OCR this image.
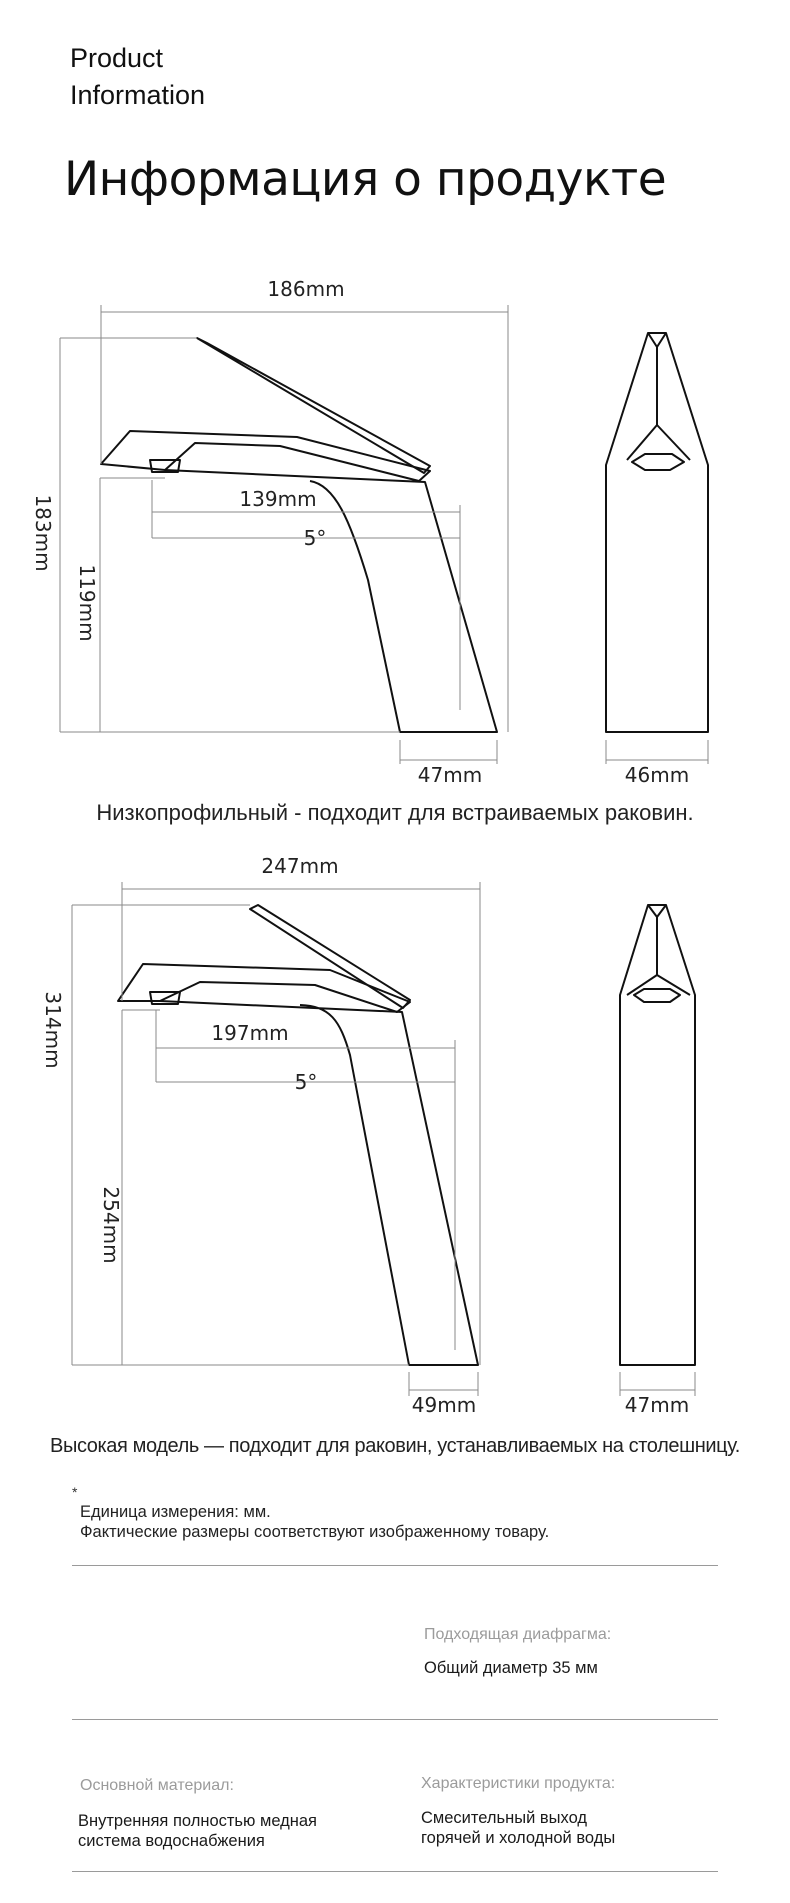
Product
Information
Информация о продукте
186mm
183mm
119mm
139mm
5°
47mm	46mm
247mm
314mm
254mm
197mm
5°
49mm	47mm
Низкопрофильный - подходит для встраиваемых раковин.
Высокая модель — подходит для раковин, устанавливаемых на столешницу.
*
Единица измерения: мм.
Фактические размеры соответствуют изображенному товару.
Подходящая диафрагма:
Общий диаметр 35 мм
Основной материал:
Внутренняя полностью медная
система водоснабжения
Характеристики продукта:
Смесительный выход
горячей и холодной воды
